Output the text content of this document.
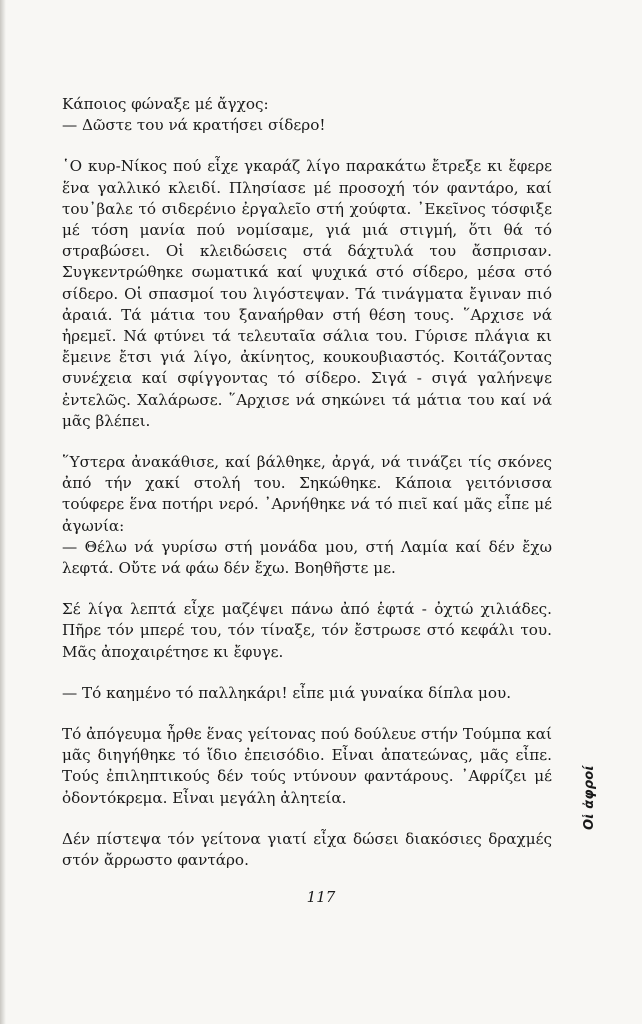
Κάποιος φώναξε μέ ἄγχος:

— Δῶστε του νά κρατήσει σίδερο!

῾Ο κυρ-Νίκος πού εἶχε γκαράζ λίγο παρακάτω ἔτρεξε κι ἔφερε ἕνα γαλλικό κλειδί. Πλησίασε μέ προσοχή τόν φαντάρο, καί του᾿βαλε τό σιδερένιο ἐργαλεῖο στή χούφτα. ᾿Εκεῖνος τόσφιξε μέ τόση μανία πού νομίσαμε, γιά μιά στιγμή, ὅτι θά τό στραβώσει. Οἱ κλειδώσεις στά δάχτυλά του ἄσπρισαν. Συγκεντρώθηκε σωματικά καί ψυχικά στό σίδερο, μέσα στό σίδερο. Οἱ σπασμοί του λιγόστεψαν. Τά τινάγματα ἔγιναν πιό ἀραιά. Τά μάτια του ξαναήρθαν στή θέση τους. ῞Αρχισε νά ἠρεμεῖ. Νά φτύνει τά τελευταῖα σάλια του. Γύρισε πλάγια κι ἔμεινε ἔτσι γιά λίγο, ἀκίνητος, κουκουβιαστός. Κοιτάζοντας συνέχεια καί σφίγγοντας τό σίδερο. Σιγά - σιγά γαλήνεψε ἐντελῶς. Χαλάρωσε. ῞Αρχισε νά σηκώνει τά μάτια του καί νά μᾶς βλέπει.

῞Υστερα ἀνακάθισε, καί βάλθηκε, ἀργά, νά τινάζει τίς σκόνες ἀπό τήν χακί στολή του. Σηκώθηκε. Κάποια γειτόνισσα τούφερε ἕνα ποτήρι νερό. ᾿Αρνήθηκε νά τό πιεῖ καί μᾶς εἶπε μέ ἀγωνία:

— Θέλω νά γυρίσω στή μονάδα μου, στή Λαμία καί δέν ἔχω λεφτά. Οὔτε νά φάω δέν ἔχω. Βοηθῆστε με.

Σέ λίγα λεπτά εἶχε μαζέψει πάνω ἀπό ἑφτά - ὀχτώ χιλιάδες. Πῆρε τόν μπερέ του, τόν τίναξε, τόν ἔστρωσε στό κεφάλι του. Μᾶς ἀποχαιρέτησε κι ἔφυγε.

— Τό καημένο τό παλληκάρι! εἶπε μιά γυναίκα δίπλα μου.

Τό ἀπόγευμα ἦρθε ἕνας γείτονας πού δούλευε στήν Τούμπα καί μᾶς διηγήθηκε τό ἴδιο ἐπεισόδιο. Εἶναι ἀπατεώνας, μᾶς εἶπε. Τούς ἐπιληπτικούς δέν τούς ντύνουν φαντάρους. ᾿Αφρίζει μέ ὀδοντόκρεμα. Εἶναι μεγάλη ἀλητεία.

Δέν πίστεψα τόν γείτονα γιατί εἶχα δώσει διακόσιες δραχμές στόν ἄρρωστο φαντάρο.

117
Οἱ ἀφροί
